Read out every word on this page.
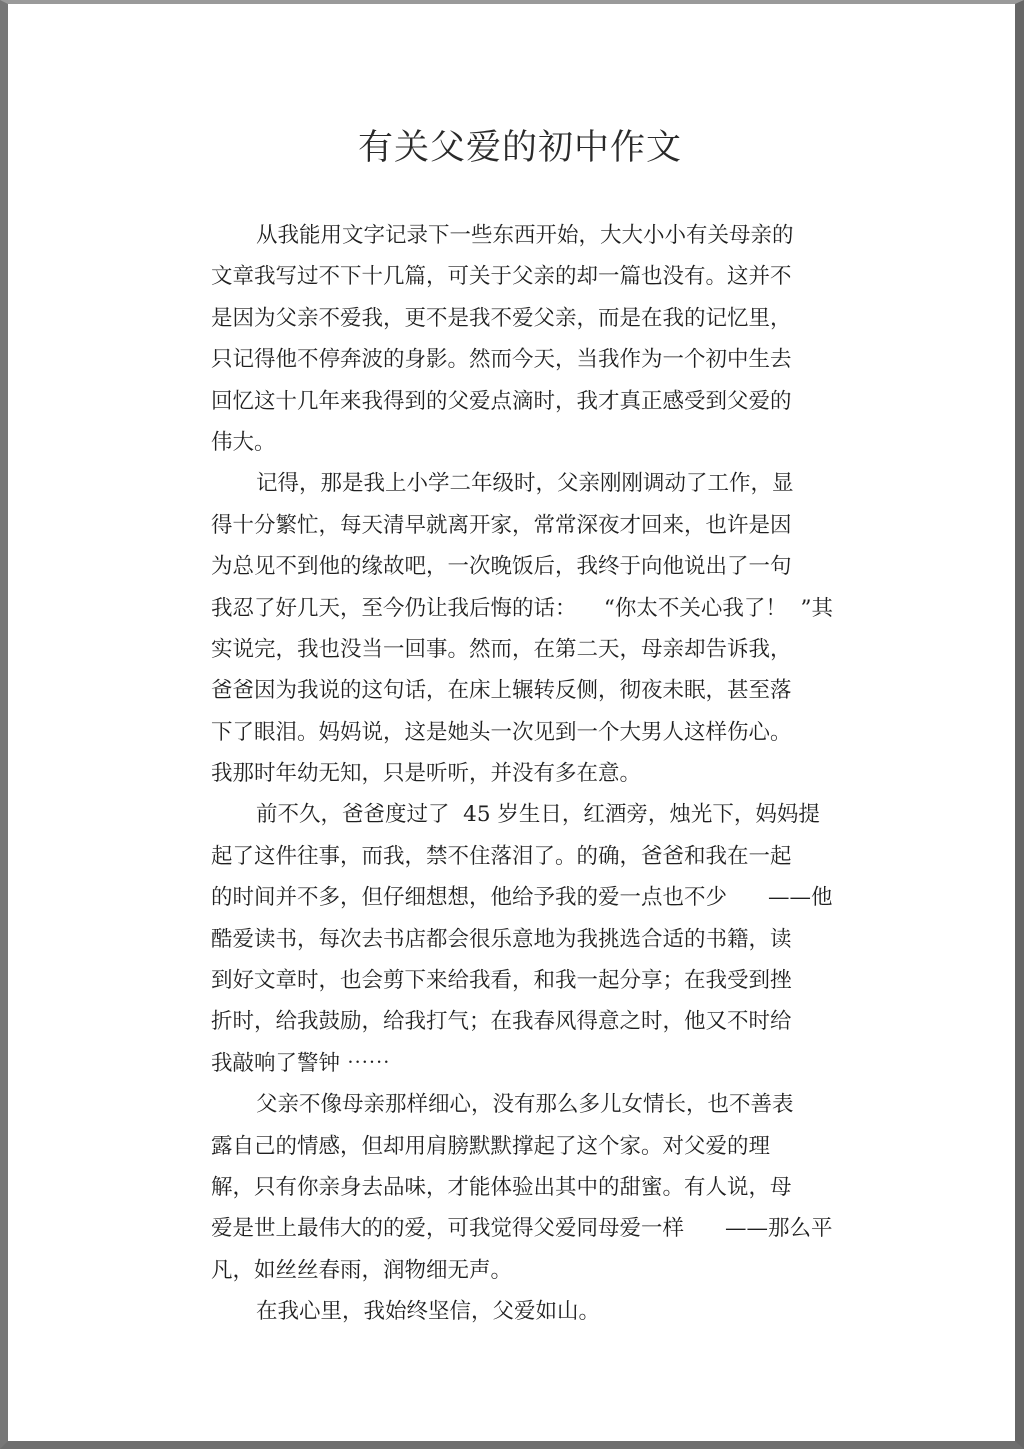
有关父爱的初中作文
从我能用文字记录下一些东西开始，大大小小有关母亲的
文章我写过不下十几篇，可关于父亲的却一篇也没有。这并不
是因为父亲不爱我，更不是我不爱父亲，而是在我的记忆里，
只记得他不停奔波的身影。然而今天，当我作为一个初中生去
回忆这十几年来我得到的父爱点滴时，我才真正感受到父爱的
伟大。
记得，那是我上小学二年级时，父亲刚刚调动了工作，显
得十分繁忙，每天清早就离开家，常常深夜才回来，也许是因
为总见不到他的缘故吧，一次晚饭后，我终于向他说出了一句
我忍了好几天，至今仍让我后悔的话：    “你太不关心我了！  ”其
实说完，我也没当一回事。然而，在第二天，母亲却告诉我，
爸爸因为我说的这句话，在床上辗转反侧，彻夜未眠，甚至落
下了眼泪。妈妈说，这是她头一次见到一个大男人这样伤心。
我那时年幼无知，只是听听，并没有多在意。
前不久，爸爸度过了  45 岁生日，红酒旁，烛光下，妈妈提
起了这件往事，而我，禁不住落泪了。的确，爸爸和我在一起
的时间并不多，但仔细想想，他给予我的爱一点也不少      ——他
酷爱读书，每次去书店都会很乐意地为我挑选合适的书籍，读
到好文章时，也会剪下来给我看，和我一起分享；在我受到挫
折时，给我鼓励，给我打气；在我春风得意之时，他又不时给
我敲响了警钟 ⋯⋯
父亲不像母亲那样细心，没有那么多儿女情长，也不善表
露自己的情感，但却用肩膀默默撑起了这个家。对父爱的理
解，只有你亲身去品味，才能体验出其中的甜蜜。有人说，母
爱是世上最伟大的的爱，可我觉得父爱同母爱一样      ——那么平
凡，如丝丝春雨，润物细无声。
在我心里，我始终坚信，父爱如山。
